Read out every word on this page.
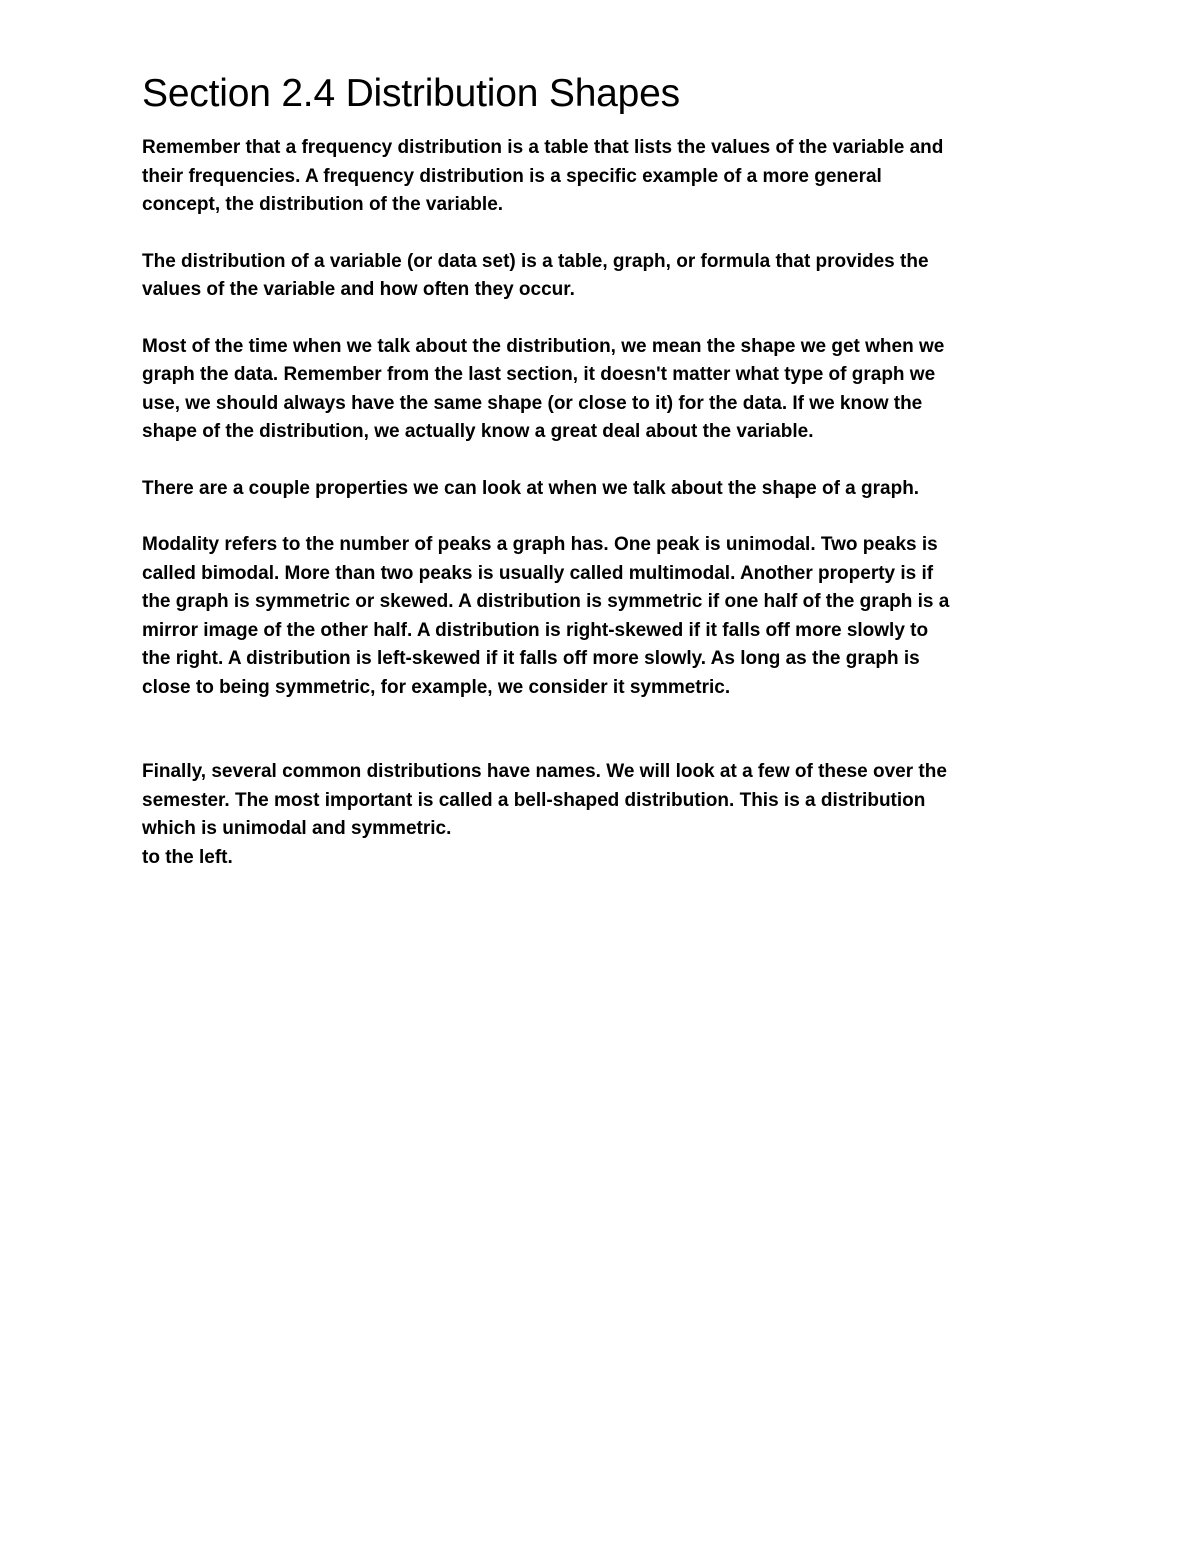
Section 2.4 Distribution Shapes

Remember that a frequency distribution is a table that lists the values of the variable and
their frequencies. A frequency distribution is a specific example of a more general
concept, the distribution of the variable.

The distribution of a variable (or data set) is a table, graph, or formula that provides the
values of the variable and how often they occur.

Most of the time when we talk about the distribution, we mean the shape we get when we
graph the data. Remember from the last section, it doesn't matter what type of graph we
use, we should always have the same shape (or close to it) for the data. If we know the
shape of the distribution, we actually know a great deal about the variable.

There are a couple properties we can look at when we talk about the shape of a graph.

Modality refers to the number of peaks a graph has. One peak is unimodal. Two peaks is
called bimodal. More than two peaks is usually called multimodal. Another property is if
the graph is symmetric or skewed. A distribution is symmetric if one half of the graph is a
mirror image of the other half. A distribution is right-skewed if it falls off more slowly to
the right. A distribution is left-skewed if it falls off more slowly. As long as the graph is
close to being symmetric, for example, we consider it symmetric.

Finally, several common distributions have names. We will look at a few of these over the
semester. The most important is called a bell-shaped distribution. This is a distribution
which is unimodal and symmetric.
to the left.
